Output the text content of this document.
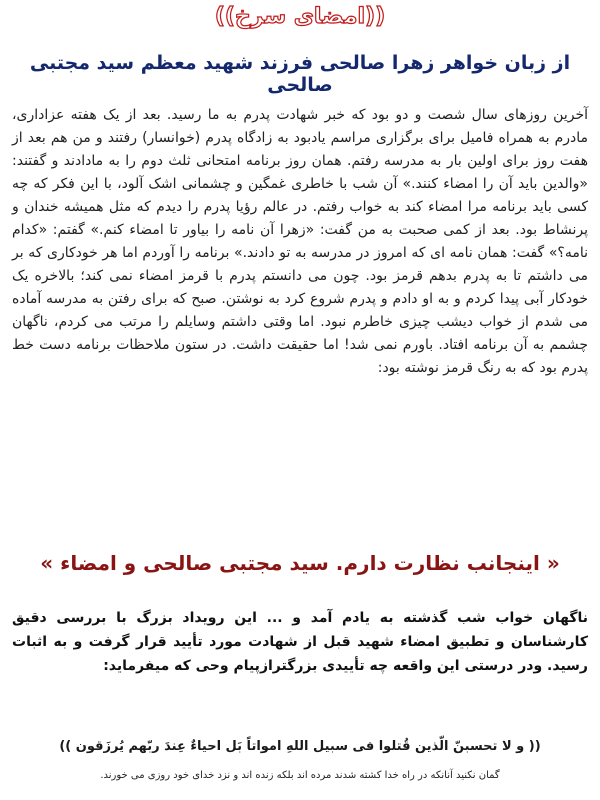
((امضای سرخ))
از زبان خواهر زهرا صالحی فرزند شهید معظم سید مجتبی صالحی
آخرین روزهای سال شصت و دو بود که خبر شهادت پدرم به ما رسید. بعد از یک هفته عزاداری، مادرم به همراه فامیل برای برگزاری مراسم یادبود به زادگاه پدرم (خوانسار) رفتند و من هم بعد از هفت روز برای اولین بار به مدرسه رفتم. همان روز برنامه امتحانی ثلث دوم را به مادادند و گفتند: «والدین باید آن را امضاء کنند.» آن شب با خاطری غمگین و چشمانی اشک آلود، با این فکر که چه کسی باید برنامه مرا امضاء کند به خواب رفتم. در عالم رؤیا پدرم را دیدم که مثل همیشه خندان و پرنشاط بود. بعد از کمی صحبت به من گفت: «زهرا آن نامه را بیاور تا امضاء کنم.» گفتم: «کدام نامه؟» گفت: همان نامه ای که امروز در مدرسه به تو دادند.» برنامه را آوردم اما هر خودکاری که بر می داشتم تا به پدرم بدهم قرمز بود. چون می دانستم پدرم با قرمز امضاء نمی کند؛ بالاخره یک خودکار آبی پیدا کردم و به او دادم و پدرم شروع کرد به نوشتن. صبح که برای رفتن به مدرسه آماده می شدم از خواب دیشب چیزی خاطرم نبود. اما وقتی داشتم وسایلم را مرتب می کردم، ناگهان چشمم به آن برنامه افتاد. باورم نمی شد! اما حقیقت داشت. در ستون ملاحظات برنامه دست خط پدرم بود که به رنگ قرمز نوشته بود:
« اینجانب نظارت دارم. سید مجتبی صالحی و امضاء »
ناگهان خواب شب گذشته به یادم آمد و ... این رویداد بزرگ با بررسی دقیق کارشناسان و تطبیق امضاء شهید قبل از شهادت مورد تأیید قرار گرفت و به اثبات رسید. ودر درستی این واقعه چه تأییدی بزرگترازپیام وحی که میفرماید:
(( و لا تحسبنّ الّذین قُتلوا فی سبیل اللهِ امواتاً بَل احیاءٌ عِندَ ربّهم یُرزَقون ))
گمان نکنید آنانکه در راه خدا کشته شدند مرده اند بلکه زنده اند و نزد خدای خود روزی می خورند.
